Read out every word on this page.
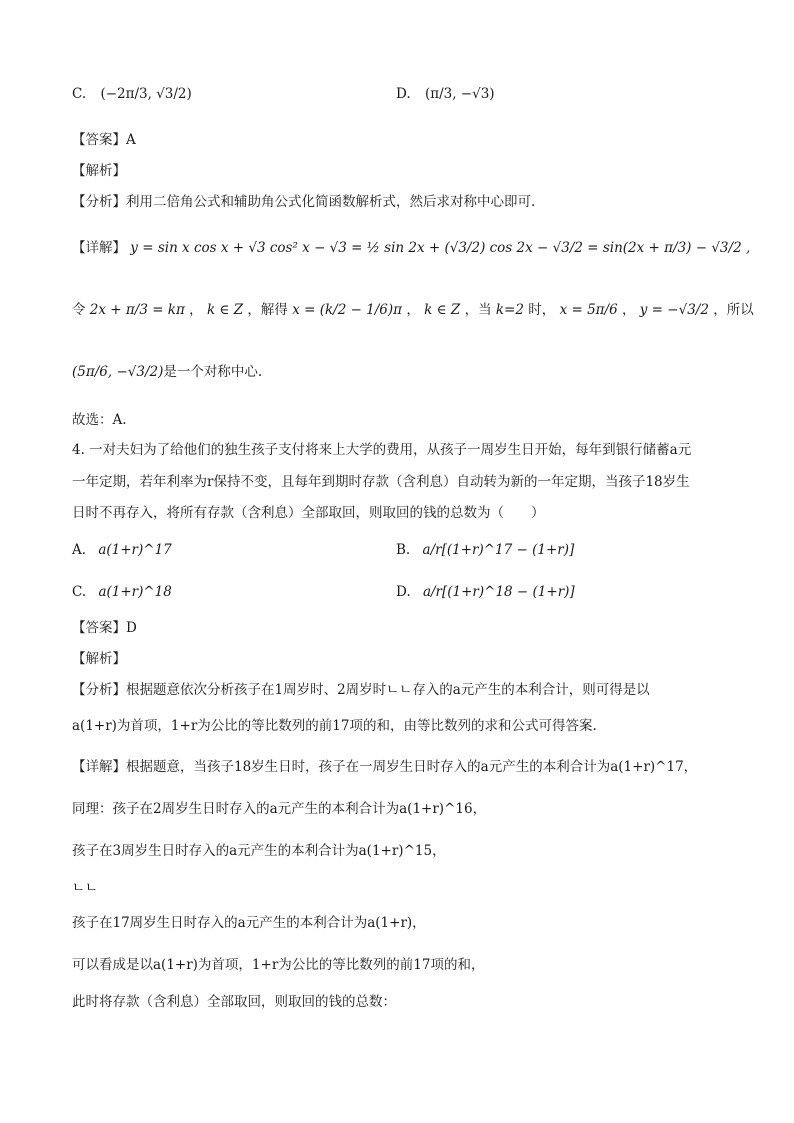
C. (−2π/3, √3/2)	D. (π/3, −√3)
【答案】A
【解析】
【分析】利用二倍角公式和辅助角公式化简函数解析式，然后求对称中心即可.
【详解】 y = sin x cos x + √3 cos² x − √3 = ½ sin 2x + (√3/2) cos 2x − √3/2 = sin(2x + π/3) − √3/2 ,
令 2x + π/3 = kπ ， k ∈ Z ，解得 x = (k/2 − 1/6)π ， k ∈ Z ，当 k=2 时， x = 5π/6 ， y = −√3/2 ，所以
(5π/6, −√3/2)是一个对称中心.
故选：A.
4. 一对夫妇为了给他们的独生孩子支付将来上大学的费用，从孩子一周岁生日开始，每年到银行储蓄a元
一年定期，若年利率为r保持不变，且每年到期时存款（含利息）自动转为新的一年定期，当孩子18岁生
日时不再存入，将所有存款（含利息）全部取回，则取回的钱的总数为（　　）
A. a(1+r)^17	B. a/r[(1+r)^17 − (1+r)]
C. a(1+r)^18	D. a/r[(1+r)^18 − (1+r)]
【答案】D
【解析】
【分析】根据题意依次分析孩子在1周岁时、2周岁时ㄴㄴ存入的a元产生的本利合计，则可得是以
a(1+r)为首项，1+r为公比的等比数列的前17项的和，由等比数列的求和公式可得答案.
【详解】根据题意，当孩子18岁生日时，孩子在一周岁生日时存入的a元产生的本利合计为a(1+r)^17，
同理：孩子在2周岁生日时存入的a元产生的本利合计为a(1+r)^16，
孩子在3周岁生日时存入的a元产生的本利合计为a(1+r)^15，
ㄴㄴ
孩子在17周岁生日时存入的a元产生的本利合计为a(1+r)，
可以看成是以a(1+r)为首项，1+r为公比的等比数列的前17项的和，
此时将存款（含利息）全部取回，则取回的钱的总数：
